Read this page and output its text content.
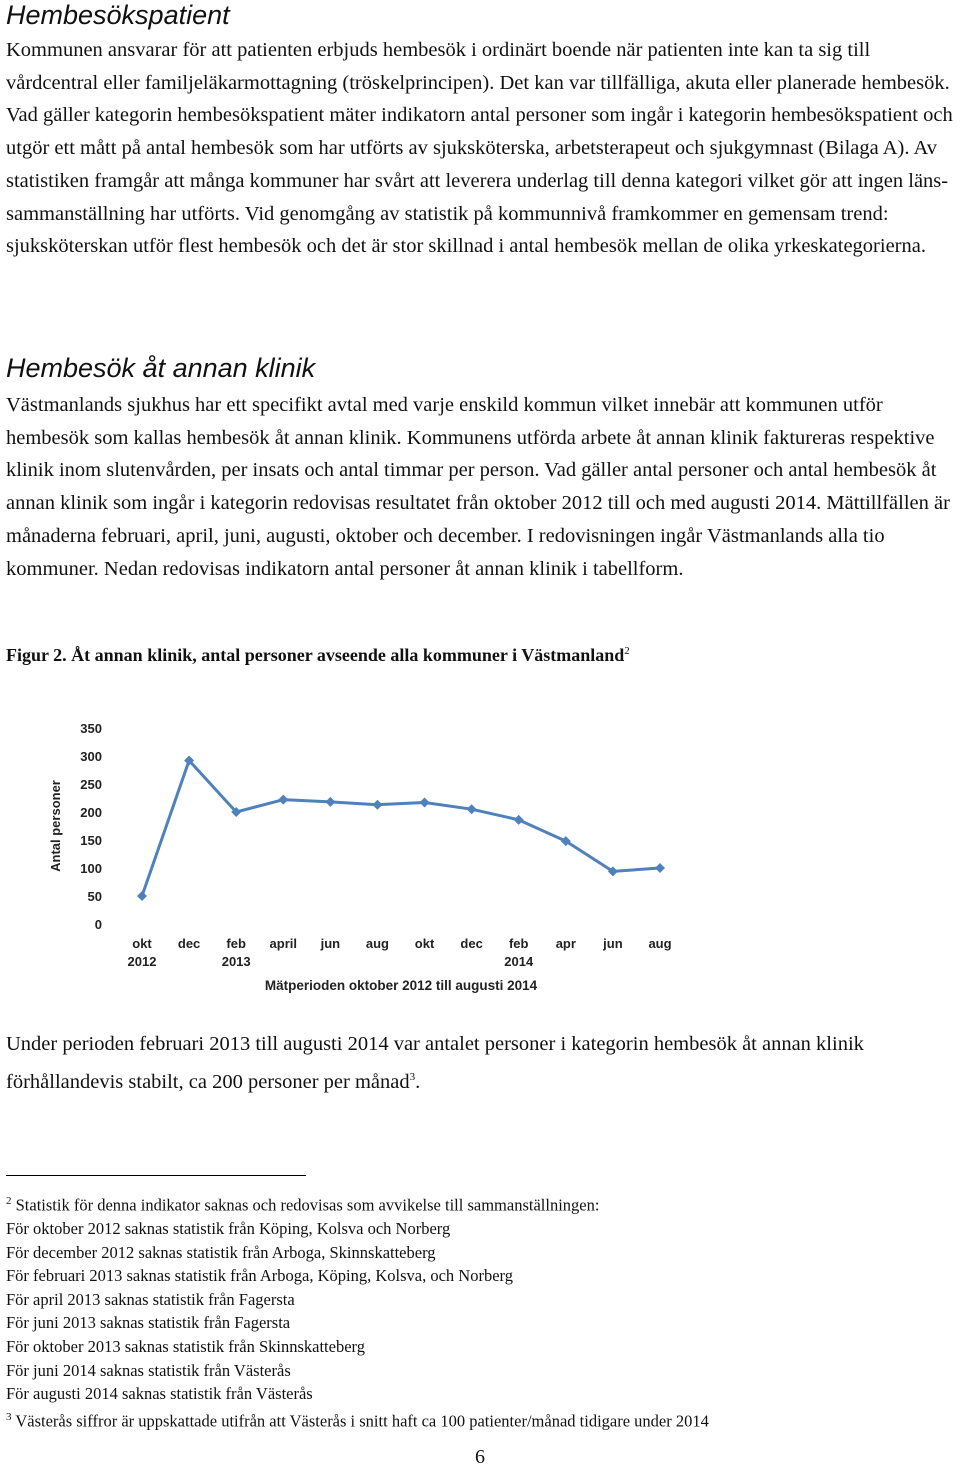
Hembesökspatient

Kommunen ansvarar för att patienten erbjuds hembesök i ordinärt boende när patienten inte kan ta sig till vårdcentral eller familjeläkarmottagning (tröskelprincipen). Det kan var tillfälliga, akuta eller planerade hembesök. Vad gäller kategorin hembesökspatient mäter indikatorn antal personer som ingår i kategorin hembesökspatient och utgör ett mått på antal hembesök som har utförts av sjuksköterska, arbetsterapeut och sjukgymnast (Bilaga A). Av statistiken framgår att många kommuner har svårt att leverera underlag till denna kategori vilket gör att ingen läns-sammanställning har utförts. Vid genomgång av statistik på kommunnivå framkommer en gemensam trend: sjuksköterskan utför flest hembesök och det är stor skillnad i antal hembesök mellan de olika yrkeskategorierna.

Hembesök åt annan klinik

Västmanlands sjukhus har ett specifikt avtal med varje enskild kommun vilket innebär att kommunen utför hembesök som kallas hembesök åt annan klinik. Kommunens utförda arbete åt annan klinik faktureras respektive klinik inom slutenvården, per insats och antal timmar per person. Vad gäller antal personer och antal hembesök åt annan klinik som ingår i kategorin redovisas resultatet från oktober 2012 till och med augusti 2014. Mättillfällen är månaderna februari, april, juni, augusti, oktober och december. I redovisningen ingår Västmanlands alla tio kommuner. Nedan redovisas indikatorn antal personer åt annan klinik i tabellform.

Figur 2. Åt annan klinik, antal personer avseende alla kommuner i Västmanland$^2$

0
50
100
150
200
250
300
350
Antal personer
okt
2012
dec feb
2013
april jun aug okt dec feb
2014
apr jun aug
Mätperioden oktober 2012 till augusti 2014

Under perioden februari 2013 till augusti 2014 var antalet personer i kategorin hembesök åt annan klinik förhållandevis stabilt, ca 200 personer per månad$^3$.

$^2$ Statistik för denna indikator saknas och redovisas som avvikelse till sammanställningen:
För oktober 2012 saknas statistik från Köping, Kolsva och Norberg
För december 2012 saknas statistik från Arboga, Skinnskatteberg
För februari 2013 saknas statistik från Arboga, Köping, Kolsva, och Norberg
För april 2013 saknas statistik från Fagersta
För juni 2013 saknas statistik från Fagersta
För oktober 2013 saknas statistik från Skinnskatteberg
För juni 2014 saknas statistik från Västerås
För augusti 2014 saknas statistik från Västerås
$^3$ Västerås siffror är uppskattade utifrån att Västerås i snitt haft ca 100 patienter/månad tidigare under 2014
6
